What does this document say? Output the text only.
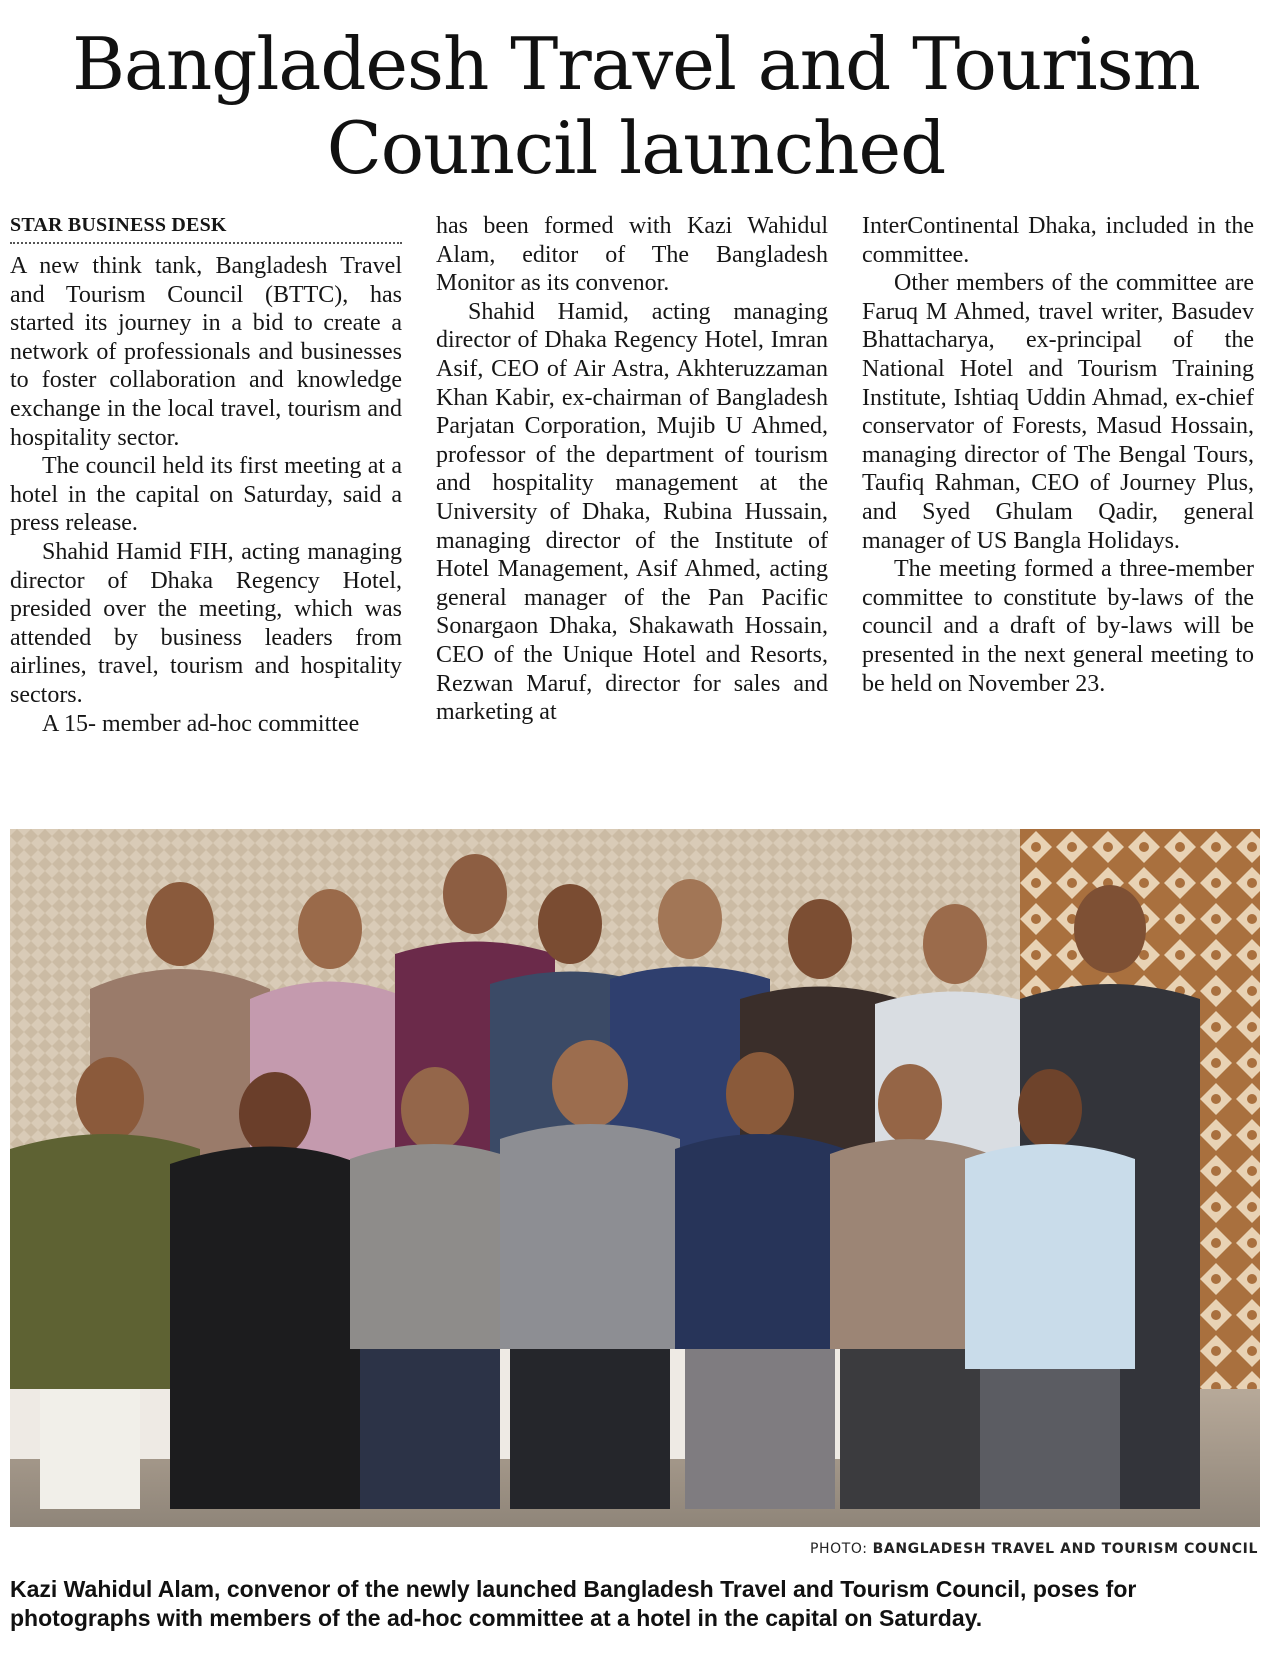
Bangladesh Travel and Tourism
Council launched
STAR BUSINESS DESK

A new think tank, Bangladesh Travel and Tourism Council (BTTC), has started its journey in a bid to create a network of professionals and businesses to foster collaboration and knowledge exchange in the local travel, tourism and hospitality sector.

The council held its first meeting at a hotel in the capital on Saturday, said a press release.

Shahid Hamid FIH, acting managing director of Dhaka Regency Hotel, presided over the meeting, which was attended by business leaders from airlines, travel, tourism and hospitality sectors.

A 15- member ad-hoc committee

has been formed with Kazi Wahidul Alam, editor of The Bangladesh Monitor as its convenor.

Shahid Hamid, acting managing director of Dhaka Regency Hotel, Imran Asif, CEO of Air Astra, Akhteruzzaman Khan Kabir, ex-chairman of Bangladesh Parjatan Corporation, Mujib U Ahmed, professor of the department of tourism and hospitality management at the University of Dhaka, Rubina Hussain, managing director of the Institute of Hotel Management, Asif Ahmed, acting general manager of the Pan Pacific Sonargaon Dhaka, Shakawath Hossain, CEO of the Unique Hotel and Resorts, Rezwan Maruf, director for sales and marketing at

InterContinental Dhaka, included in the committee.

Other members of the committee are Faruq M Ahmed, travel writer, Basudev Bhattacharya, ex-principal of the National Hotel and Tourism Training Institute, Ishtiaq Uddin Ahmad, ex-chief conservator of Forests, Masud Hossain, managing director of The Bengal Tours, Taufiq Rahman, CEO of Journey Plus, and Syed Ghulam Qadir, general manager of US Bangla Holidays.

The meeting formed a three-member committee to constitute by-laws of the council and a draft of by-laws will be presented in the next general meeting to be held on November 23.

PHOTO: BANGLADESH TRAVEL AND TOURISM COUNCIL
Kazi Wahidul Alam, convenor of the newly launched Bangladesh Travel and Tourism Council, poses for photographs with members of the ad-hoc committee at a hotel in the capital on Saturday.
